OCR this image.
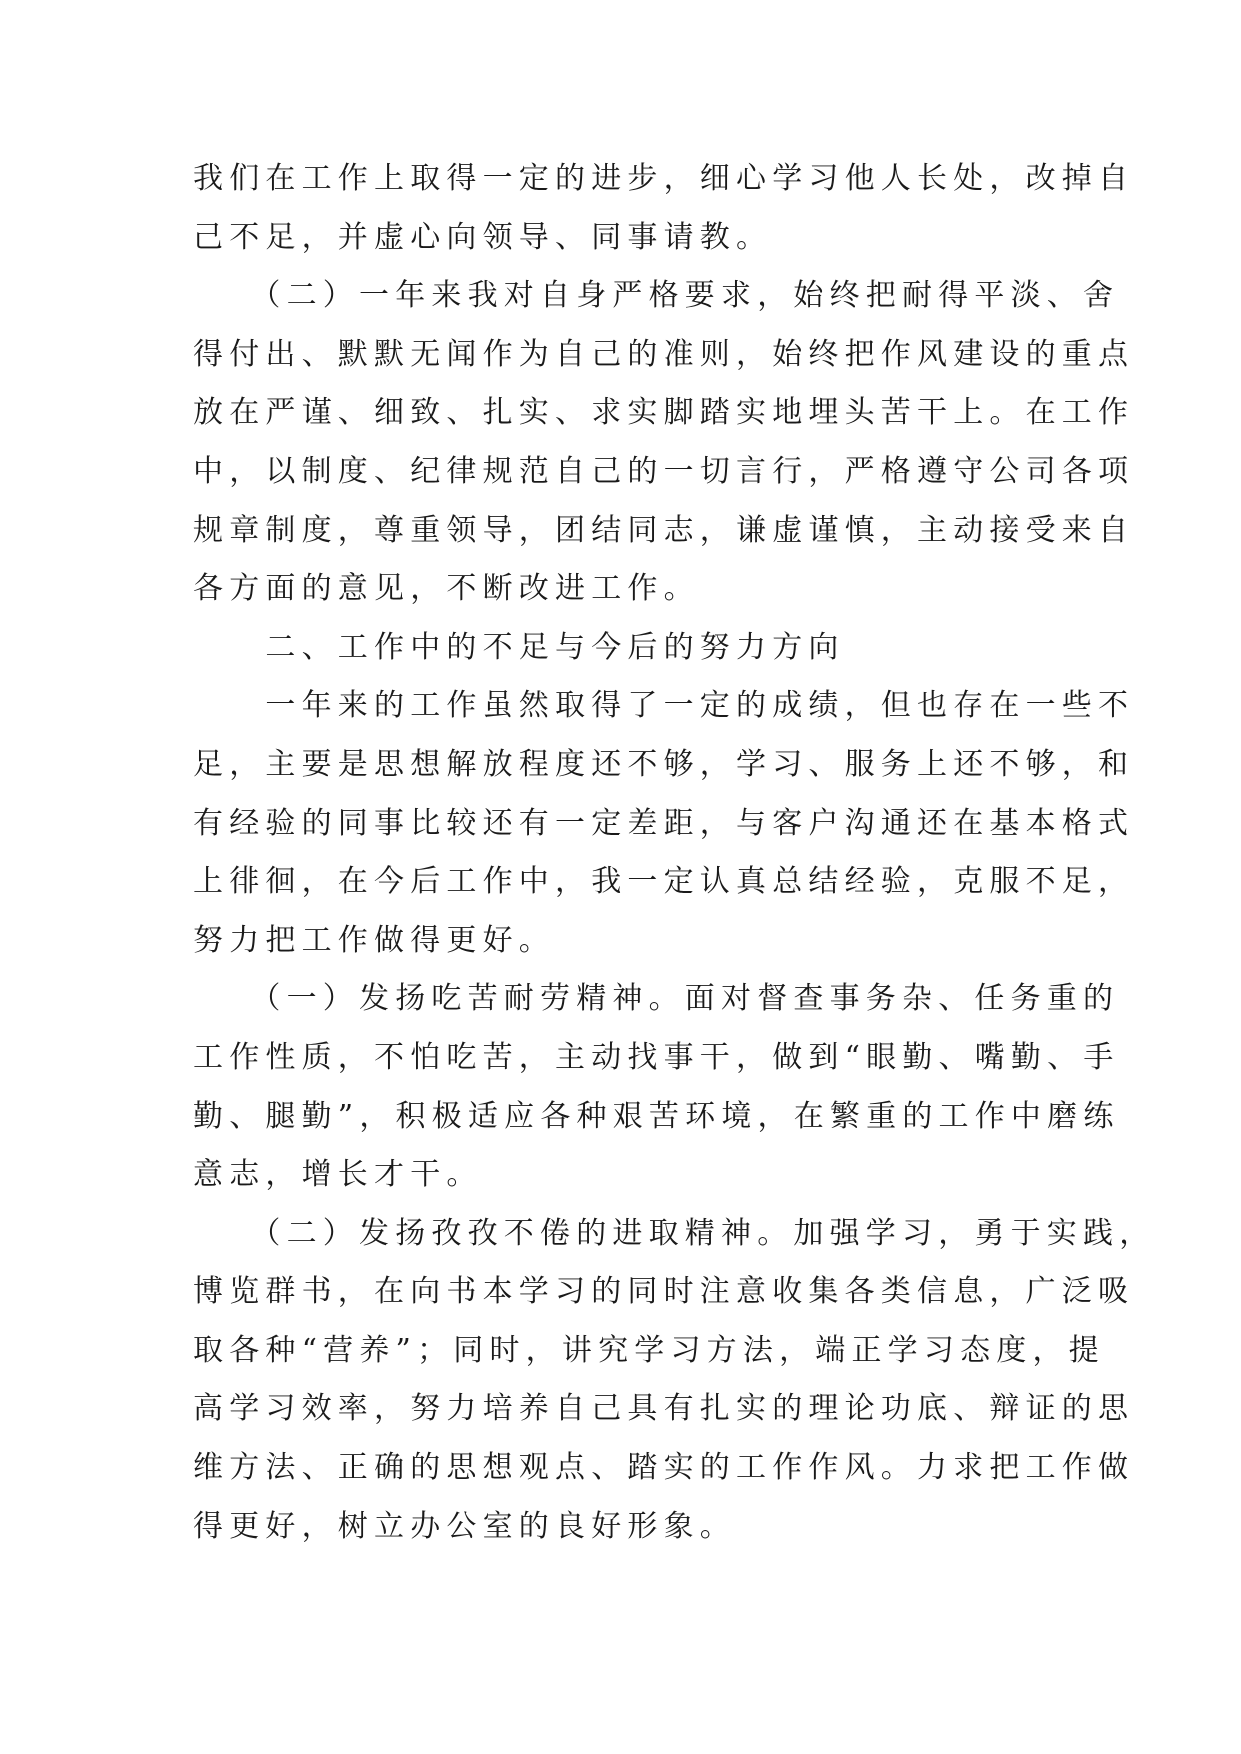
我们在工作上取得一定的进步，细心学习他人长处，改掉自
己不足，并虚心向领导、同事请教。
　　（二）一年来我对自身严格要求，始终把耐得平淡、舍
得付出、默默无闻作为自己的准则，始终把作风建设的重点
放在严谨、细致、扎实、求实脚踏实地埋头苦干上。在工作
中，以制度、纪律规范自己的一切言行，严格遵守公司各项
规章制度，尊重领导，团结同志，谦虚谨慎，主动接受来自
各方面的意见，不断改进工作。
　　二、工作中的不足与今后的努力方向
　　一年来的工作虽然取得了一定的成绩，但也存在一些不
足，主要是思想解放程度还不够，学习、服务上还不够，和
有经验的同事比较还有一定差距，与客户沟通还在基本格式
上徘徊，在今后工作中，我一定认真总结经验，克服不足，
努力把工作做得更好。
　　（一）发扬吃苦耐劳精神。面对督查事务杂、任务重的
工作性质，不怕吃苦，主动找事干，做到“眼勤、嘴勤、手
勤、腿勤”，积极适应各种艰苦环境，在繁重的工作中磨练
意志，增长才干。
　　（二）发扬孜孜不倦的进取精神。加强学习，勇于实践，
博览群书，在向书本学习的同时注意收集各类信息，广泛吸
取各种“营养”；同时，讲究学习方法，端正学习态度，提
高学习效率，努力培养自己具有扎实的理论功底、辩证的思
维方法、正确的思想观点、踏实的工作作风。力求把工作做
得更好，树立办公室的良好形象。
